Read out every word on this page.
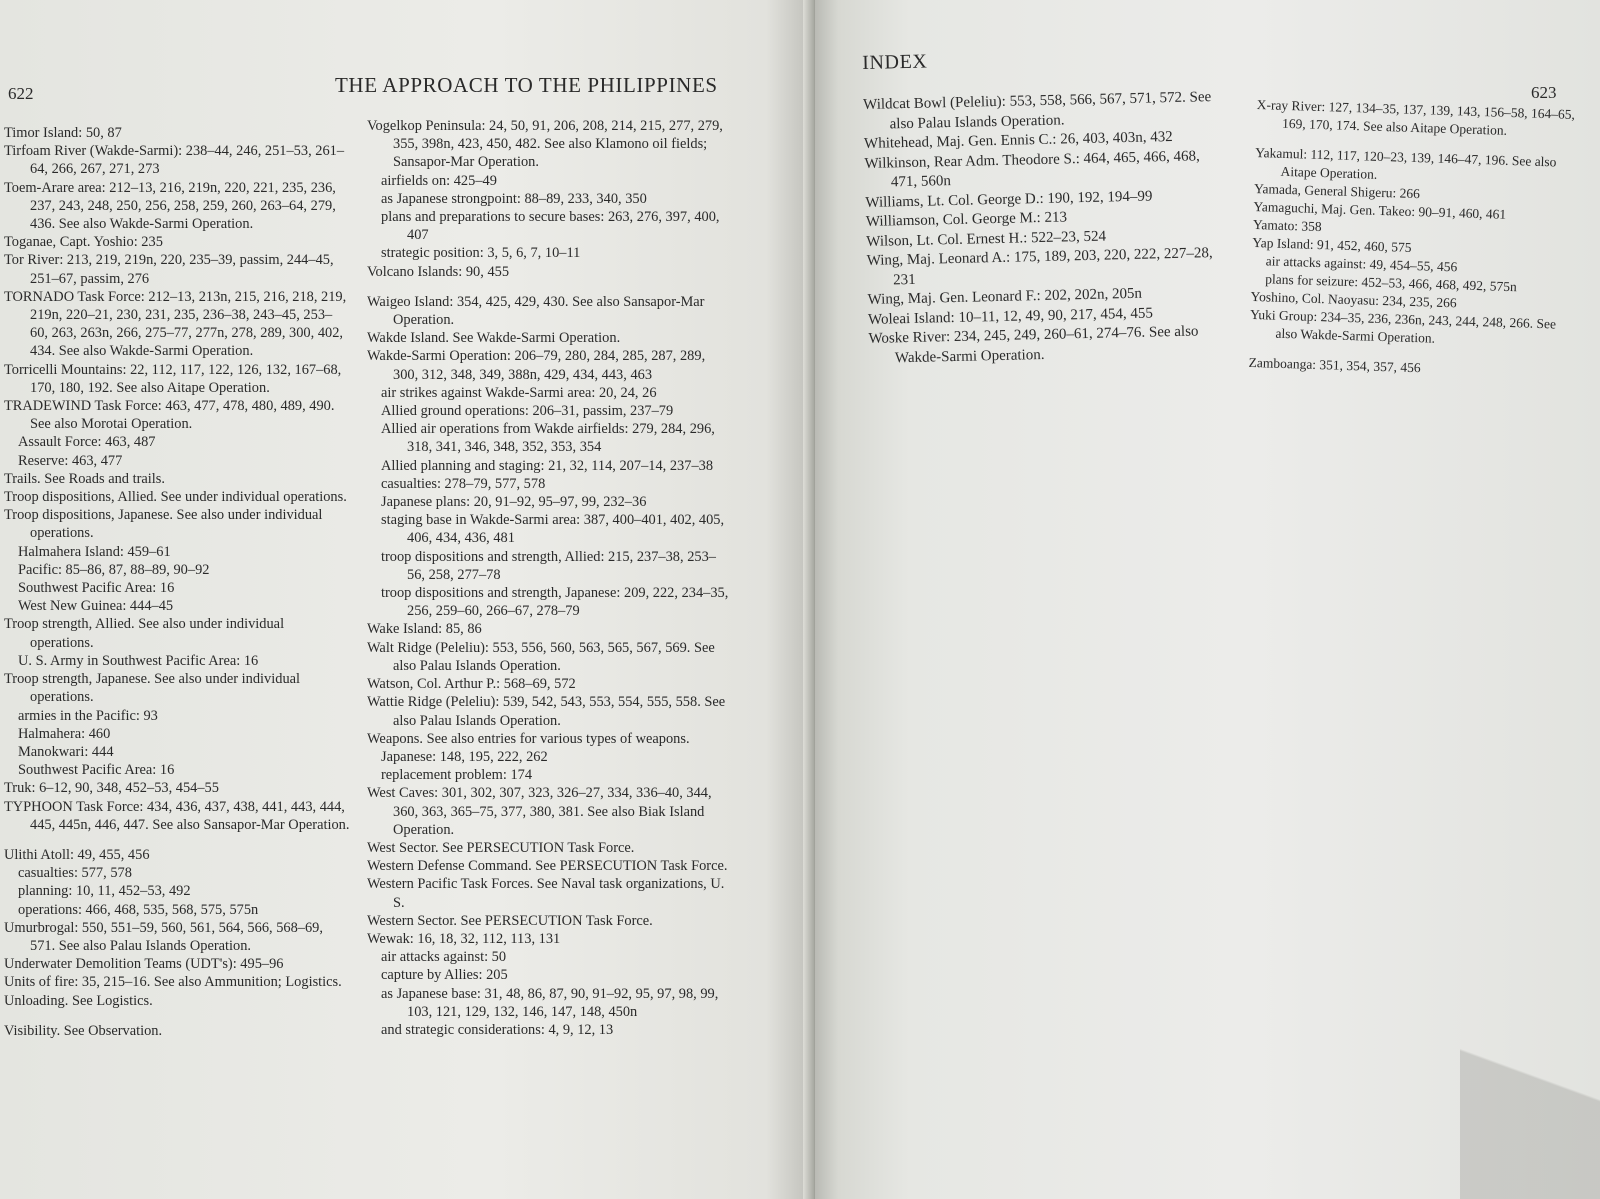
622	THE APPROACH TO THE PHILIPPINES

Timor Island: 50, 87

Tirfoam River (Wakde-Sarmi): 238–44, 246, 251–53, 261–64, 266, 267, 271, 273

Toem-Arare area: 212–13, 216, 219n, 220, 221, 235, 236, 237, 243, 248, 250, 256, 258, 259, 260, 263–64, 279, 436. See also Wakde-Sarmi Operation.

Toganae, Capt. Yoshio: 235

Tor River: 213, 219, 219n, 220, 235–39, passim, 244–45, 251–67, passim, 276

TORNADO Task Force: 212–13, 213n, 215, 216, 218, 219, 219n, 220–21, 230, 231, 235, 236–38, 243–45, 253–60, 263, 263n, 266, 275–77, 277n, 278, 289, 300, 402, 434. See also Wakde-Sarmi Operation.

Torricelli Mountains: 22, 112, 117, 122, 126, 132, 167–68, 170, 180, 192. See also Aitape Operation.

TRADEWIND Task Force: 463, 477, 478, 480, 489, 490. See also Morotai Operation.

Assault Force: 463, 487

Reserve: 463, 477

Trails. See Roads and trails.

Troop dispositions, Allied. See under individual operations.

Troop dispositions, Japanese. See also under individual operations.

Halmahera Island: 459–61

Pacific: 85–86, 87, 88–89, 90–92

Southwest Pacific Area: 16

West New Guinea: 444–45

Troop strength, Allied. See also under individual operations.

U. S. Army in Southwest Pacific Area: 16

Troop strength, Japanese. See also under individual operations.

armies in the Pacific: 93

Halmahera: 460

Manokwari: 444

Southwest Pacific Area: 16

Truk: 6–12, 90, 348, 452–53, 454–55

TYPHOON Task Force: 434, 436, 437, 438, 441, 443, 444, 445, 445n, 446, 447. See also Sansapor-Mar Operation.

Ulithi Atoll: 49, 455, 456

casualties: 577, 578

planning: 10, 11, 452–53, 492

operations: 466, 468, 535, 568, 575, 575n

Umurbrogal: 550, 551–59, 560, 561, 564, 566, 568–69, 571. See also Palau Islands Operation.

Underwater Demolition Teams (UDT's): 495–96

Units of fire: 35, 215–16. See also Ammunition; Logistics.

Unloading. See Logistics.

Visibility. See Observation.

Vogelkop Peninsula: 24, 50, 91, 206, 208, 214, 215, 277, 279, 355, 398n, 423, 450, 482. See also Klamono oil fields; Sansapor-Mar Operation.

airfields on: 425–49

as Japanese strongpoint: 88–89, 233, 340, 350

plans and preparations to secure bases: 263, 276, 397, 400, 407

strategic position: 3, 5, 6, 7, 10–11

Volcano Islands: 90, 455

Waigeo Island: 354, 425, 429, 430. See also Sansapor-Mar Operation.

Wakde Island. See Wakde-Sarmi Operation.

Wakde-Sarmi Operation: 206–79, 280, 284, 285, 287, 289, 300, 312, 348, 349, 388n, 429, 434, 443, 463

air strikes against Wakde-Sarmi area: 20, 24, 26

Allied ground operations: 206–31, passim, 237–79

Allied air operations from Wakde airfields: 279, 284, 296, 318, 341, 346, 348, 352, 353, 354

Allied planning and staging: 21, 32, 114, 207–14, 237–38

casualties: 278–79, 577, 578

Japanese plans: 20, 91–92, 95–97, 99, 232–36

staging base in Wakde-Sarmi area: 387, 400–401, 402, 405, 406, 434, 436, 481

troop dispositions and strength, Allied: 215, 237–38, 253–56, 258, 277–78

troop dispositions and strength, Japanese: 209, 222, 234–35, 256, 259–60, 266–67, 278–79

Wake Island: 85, 86

Walt Ridge (Peleliu): 553, 556, 560, 563, 565, 567, 569. See also Palau Islands Operation.

Watson, Col. Arthur P.: 568–69, 572

Wattie Ridge (Peleliu): 539, 542, 543, 553, 554, 555, 558. See also Palau Islands Operation.

Weapons. See also entries for various types of weapons.

Japanese: 148, 195, 222, 262

replacement problem: 174

West Caves: 301, 302, 307, 323, 326–27, 334, 336–40, 344, 360, 363, 365–75, 377, 380, 381. See also Biak Island Operation.

West Sector. See PERSECUTION Task Force.

Western Defense Command. See PERSECUTION Task Force.

Western Pacific Task Forces. See Naval task organizations, U. S.

Western Sector. See PERSECUTION Task Force.

Wewak: 16, 18, 32, 112, 113, 131

air attacks against: 50

capture by Allies: 205

as Japanese base: 31, 48, 86, 87, 90, 91–92, 95, 97, 98, 99, 103, 121, 129, 132, 146, 147, 148, 450n

and strategic considerations: 4, 9, 12, 13

INDEX
623

Wildcat Bowl (Peleliu): 553, 558, 566, 567, 571, 572. See also Palau Islands Operation.

Whitehead, Maj. Gen. Ennis C.: 26, 403, 403n, 432

Wilkinson, Rear Adm. Theodore S.: 464, 465, 466, 468, 471, 560n

Williams, Lt. Col. George D.: 190, 192, 194–99

Williamson, Col. George M.: 213

Wilson, Lt. Col. Ernest H.: 522–23, 524

Wing, Maj. Leonard A.: 175, 189, 203, 220, 222, 227–28, 231

Wing, Maj. Gen. Leonard F.: 202, 202n, 205n

Woleai Island: 10–11, 12, 49, 90, 217, 454, 455

Woske River: 234, 245, 249, 260–61, 274–76. See also Wakde-Sarmi Operation.

X-ray River: 127, 134–35, 137, 139, 143, 156–58, 164–65, 169, 170, 174. See also Aitape Operation.

Yakamul: 112, 117, 120–23, 139, 146–47, 196. See also Aitape Operation.

Yamada, General Shigeru: 266

Yamaguchi, Maj. Gen. Takeo: 90–91, 460, 461

Yamato: 358

Yap Island: 91, 452, 460, 575

air attacks against: 49, 454–55, 456

plans for seizure: 452–53, 466, 468, 492, 575n

Yoshino, Col. Naoyasu: 234, 235, 266

Yuki Group: 234–35, 236, 236n, 243, 244, 248, 266. See also Wakde-Sarmi Operation.

Zamboanga: 351, 354, 357, 456
